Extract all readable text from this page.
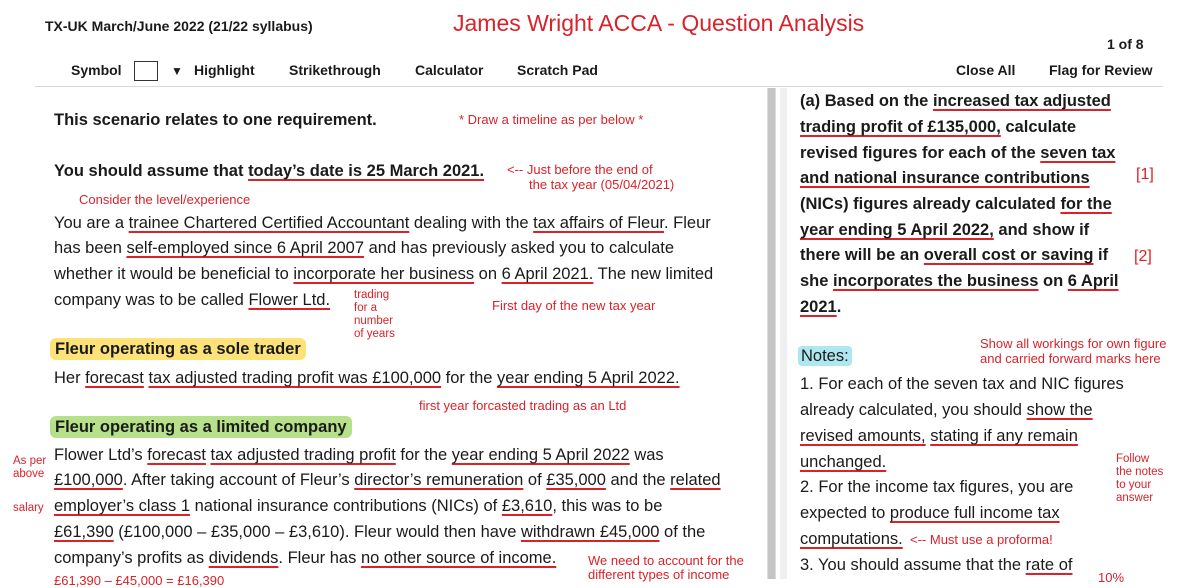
TX-UK March/June 2022 (21/22 syllabus)	James Wright ACCA - Question Analysis
1 of 8
Symbol	▼ Highlight Strikethrough Calculator Scratch Pad	Close All Flag for Review
This scenario relates to one requirement.	* Draw a timeline as per below *
You should assume that today’s date is 25 March 2021. <-- Just before the end of
the tax year (05/04/2021)
Consider the level/experience
You are a trainee Chartered Certified Accountant dealing with the tax affairs of Fleur. Fleur
has been self-employed since 6 April 2007 and has previously asked you to calculate
whether it would be beneficial to incorporate her business on 6 April 2021. The new limited
company was to be called Flower Ltd. trading
for a
number
of years
First day of the new tax year
Fleur operating as a sole trader
Her forecast tax adjusted trading profit was £100,000 for the year ending 5 April 2022.
first year forcasted trading as an Ltd
Fleur operating as a limited company
As per
above
salary
Flower Ltd’s forecast tax adjusted trading profit for the year ending 5 April 2022 was
£100,000. After taking account of Fleur’s director’s remuneration of £35,000 and the related
employer’s class 1 national insurance contributions (NICs) of £3,610, this was to be
£61,390 (£100,000 – £35,000 – £3,610). Fleur would then have withdrawn £45,000 of the
company’s profits as dividends. Fleur has no other source of income. We need to account for the
different types of income
£61,390 – £45,000 = £16,390
(a) Based on the increased tax adjusted
trading profit of £135,000, calculate
revised figures for each of the seven tax
and national insurance contributions	[1]
(NICs) figures already calculated for the
year ending 5 April 2022, and show if
there will be an overall cost or saving if [2]
she incorporates the business on 6 April
2021.
Show all workings for own figure
and carried forward marks here
Notes:
1. For each of the seven tax and NIC figures
already calculated, you should show the
revised amounts, stating if any remain
unchanged.	Follow
the notes
to your
answer
2. For the income tax figures, you are
expected to produce full income tax
computations. <-- Must use a proforma!
3. You should assume that the rate of
10%
